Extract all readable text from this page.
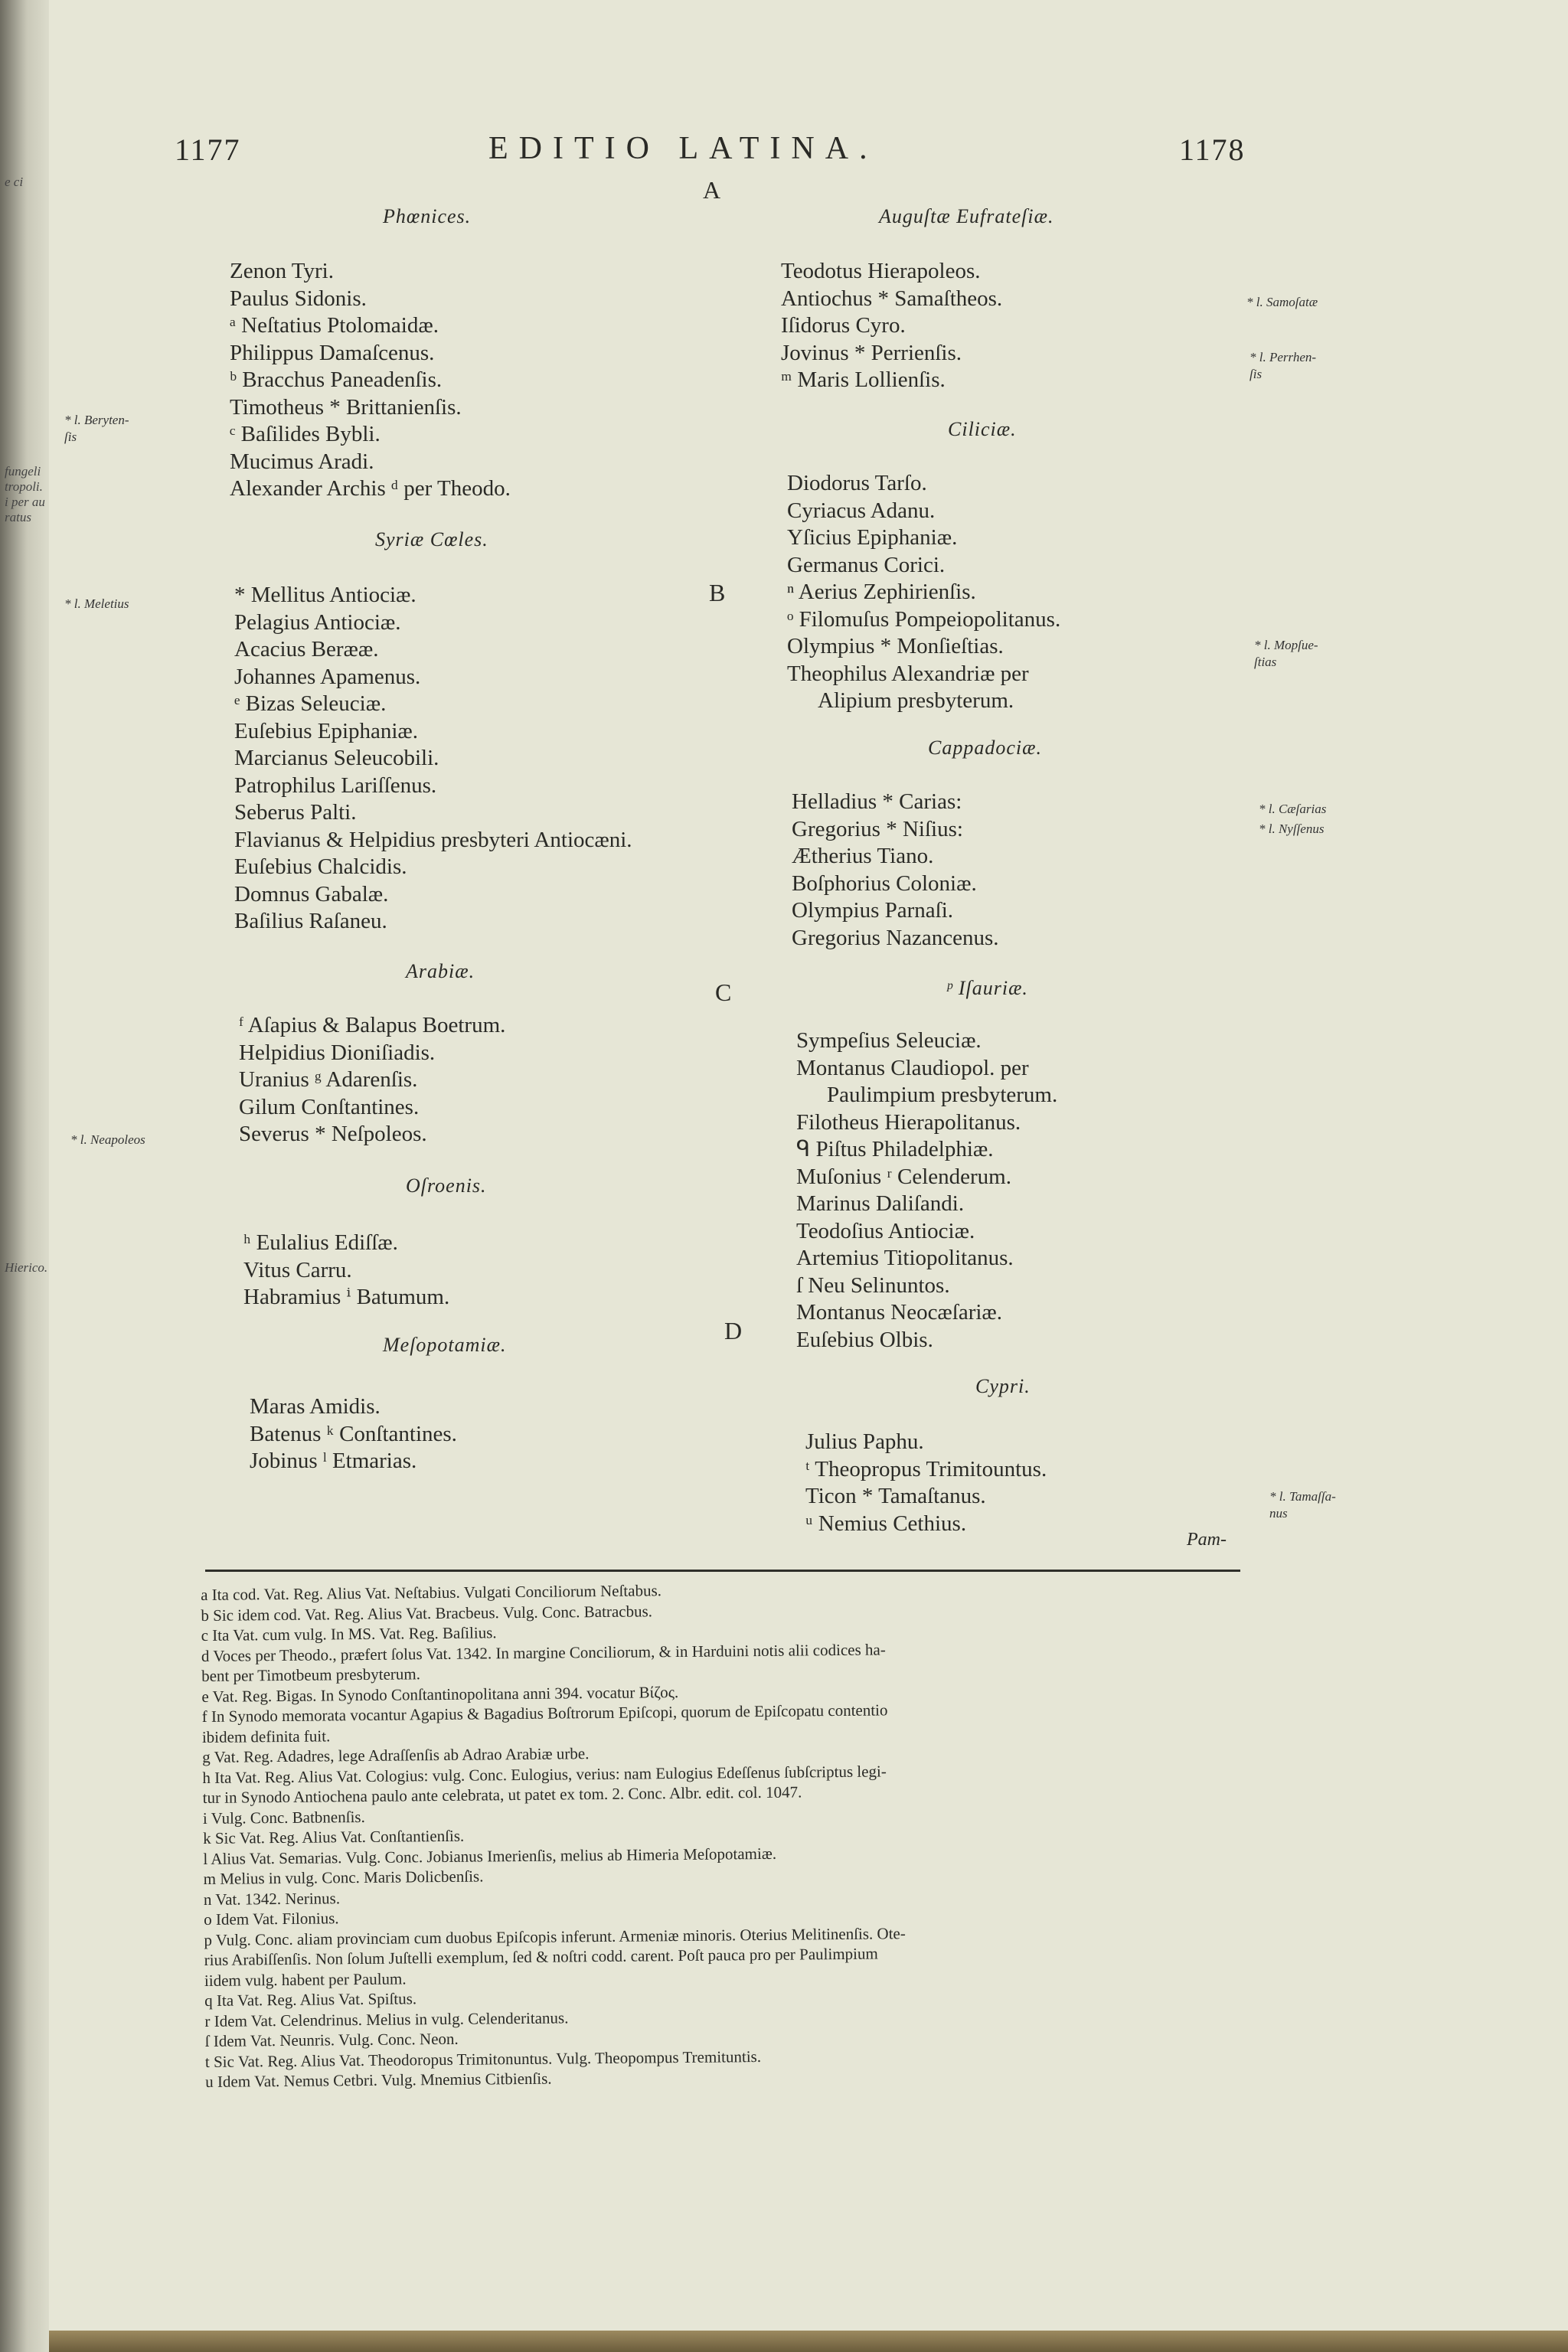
e ci
fungeli
tropoli.
i per au
ratus
Hierico.
1177	EDITIO LATINA.	1178
A
B
C
D
Phœnices.
Zenon Tyri.
Paulus Sidonis.
ᵃ Neſtatius Ptolomaidæ.
Philippus Damaſcenus.
ᵇ Bracchus Paneadenſis.
Timotheus * Brittanienſis.
ᶜ Baſilides Bybli.
Mucimus Aradi.
Alexander Archis ᵈ per Theodo.
Syriæ Cœles.
* Mellitus Antiociæ.
Pelagius Antiociæ.
Acacius Berææ.
Johannes Apamenus.
ᵉ Bizas Seleuciæ.
Euſebius Epiphaniæ.
Marcianus Seleucobili.
Patrophilus Lariſſenus.
Seberus Palti.
Flavianus & Helpidius presbyteri Antiocæni.
Euſebius Chalcidis.
Domnus Gabalæ.
Baſilius Raſaneu.
Arabiæ.
ᶠ Aſapius & Balapus Boetrum.
Helpidius Dioniſiadis.
Uranius ᵍ Adarenſis.
Gilum Conſtantines.
Severus * Neſpoleos.
Oſroenis.
ʰ Eulalius Ediſſæ.
Vitus Carru.
Habramius ⁱ Batumum.
Meſopotamiæ.
Maras Amidis.
Batenus ᵏ Conſtantines.
Jobinus ˡ Etmarias.
Auguſtæ Eufrateſiæ.
Teodotus Hierapoleos.
Antiochus * Samaſtheos.
Iſidorus Cyro.
Jovinus * Perrienſis.
ᵐ Maris Lollienſis.
Ciliciæ.
Diodorus Tarſo.
Cyriacus Adanu.
Yſicius Epiphaniæ.
Germanus Corici.
ⁿ Aerius Zephirienſis.
ᵒ Filomuſus Pompeiopolitanus.
Olympius * Monſieſtias.
Theophilus Alexandriæ per
Alipium presbyterum.
Cappadociæ.
Helladius * Carias:
Gregorius * Niſius:
Ætherius Tiano.
Boſphorius Coloniæ.
Olympius Parnaſi.
Gregorius Nazancenus.
ᵖ Iſauriæ.
Sympeſius Seleuciæ.
Montanus Claudiopol. per
Paulimpium presbyterum.
Filotheus Hierapolitanus.
ᑫ Piſtus Philadelphiæ.
Muſonius ʳ Celenderum.
Marinus Daliſandi.
Teodoſius Antiociæ.
Artemius Titiopolitanus.
ſ Neu Selinuntos.
Montanus Neocæſariæ.
Euſebius Olbis.
Cypri.
Julius Paphu.
ᵗ Theopropus Trimitountus.
Ticon * Tamaſtanus.
ᵘ Nemius Cethius.
Pam-
* l. Beryten-
ſis
* l. Meletius
* l. Neapoleos
* l. Samoſatæ
* l. Perrhen-
ſis
* l. Mopſue-
ſtias
* l. Cæſarias
* l. Nyſſenus
* l. Tamaſſa-
nus
a Ita cod. Vat. Reg. Alius Vat. Neſtabius. Vulgati Conciliorum Neſtabus.
b Sic idem cod. Vat. Reg. Alius Vat. Bracbeus. Vulg. Conc. Batracbus.
c Ita Vat. cum vulg. In MS. Vat. Reg. Baſilius.
d Voces per Theodo., præfert ſolus Vat. 1342. In margine Conciliorum, & in Harduini notis alii codices ha-
bent per Timotbeum presbyterum.
e Vat. Reg. Bigas. In Synodo Conſtantinopolitana anni 394. vocatur Βίζος.
f In Synodo memorata vocantur Agapius & Bagadius Boſtrorum Epiſcopi, quorum de Epiſcopatu contentio
ibidem definita fuit.
g Vat. Reg. Adadres, lege Adraſſenſis ab Adrao Arabiæ urbe.
h Ita Vat. Reg. Alius Vat. Cologius: vulg. Conc. Eulogius, verius: nam Eulogius Edeſſenus ſubſcriptus legi-
tur in Synodo Antiochena paulo ante celebrata, ut patet ex tom. 2. Conc. Albr. edit. col. 1047.
i Vulg. Conc. Batbnenſis.
k Sic Vat. Reg. Alius Vat. Conſtantienſis.
l Alius Vat. Semarias. Vulg. Conc. Jobianus Imerienſis, melius ab Himeria Meſopotamiæ.
m Melius in vulg. Conc. Maris Dolicbenſis.
n Vat. 1342. Nerinus.
o Idem Vat. Filonius.
p Vulg. Conc. aliam provinciam cum duobus Epiſcopis inferunt. Armeniæ minoris. Oterius Melitinenſis. Ote-
rius Arabiſſenſis. Non ſolum Juſtelli exemplum, ſed & noſtri codd. carent. Poſt pauca pro per Paulimpium
iidem vulg. habent per Paulum.
q Ita Vat. Reg. Alius Vat. Spiſtus.
r Idem Vat. Celendrinus. Melius in vulg. Celenderitanus.
ſ Idem Vat. Neunris. Vulg. Conc. Neon.
t Sic Vat. Reg. Alius Vat. Theodoropus Trimitonuntus. Vulg. Theopompus Tremituntis.
u Idem Vat. Nemus Cetbri. Vulg. Mnemius Citbienſis.
